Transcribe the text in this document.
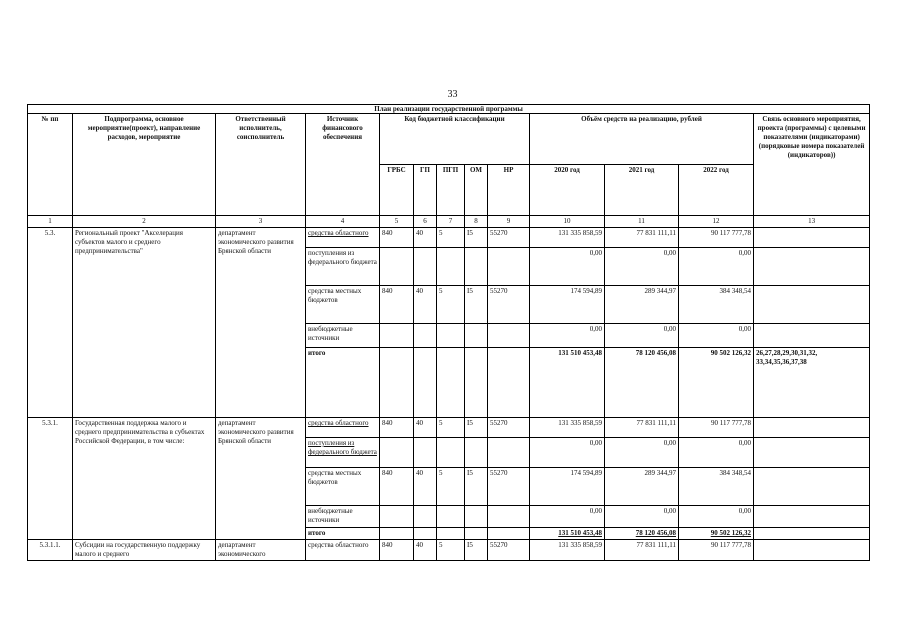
33
План реализации государственной программы												
№ пп	Подпрограмма, основное мероприятие(проект), направление расходов, мероприятие	Ответственный исполнитель, соисполнитель	Источник финансового обеспечения	Код бюджетной классификации					Объём средств на реализацию, рублей			Связь основного мероприятия, проекта (программы) с целевыми показателями (индикаторами) (порядковые номера показателей (индикаторов))
				ГРБС	ГП	ПГП	ОМ	НР	2020 год	2021 год	2022 год	
1	2	3	4	5	6	7	8	9	10	11	12	13
5.3.	Региональный проект "Акселерация субъектов малого и среднего предпринимательства"	департамент экономического развития Брянской области	средства областного	840	40	5	I5	55270	131 335 858,59	77 831 111,11	90 117 777,78	
			поступления из федерального бюджета						0,00	0,00	0,00	
			средства местных бюджетов	840	40	5	I5	55270	174 594,89	289 344,97	384 348,54	
			внебюджетные источники						0,00	0,00	0,00	
			итого						131 510 453,48	78 120 456,08	90 502 126,32	26,27,28,29,30,31,32, 33,34,35,36,37,38
5.3.1.	Государственная поддержка малого и среднего предпринимательства в субъектах Российской Федерации, в том числе:	департамент экономического развития Брянской области	средства областного	840	40	5	I5	55270	131 335 858,59	77 831 111,11	90 117 777,78	
			поступления из федерального бюджета						0,00	0,00	0,00	
			средства местных бюджетов	840	40	5	I5	55270	174 594,89	289 344,97	384 348,54	
			внебюджетные источники						0,00	0,00	0,00	
			итого						131 510 453,48	78 120 456,08	90 502 126,32	
5.3.1.1.	Субсидии на государственную поддержку малого и среднего	департамент экономического	средства областного	840	40	5	I5	55270	131 335 858,59	77 831 111,11	90 117 777,78	
